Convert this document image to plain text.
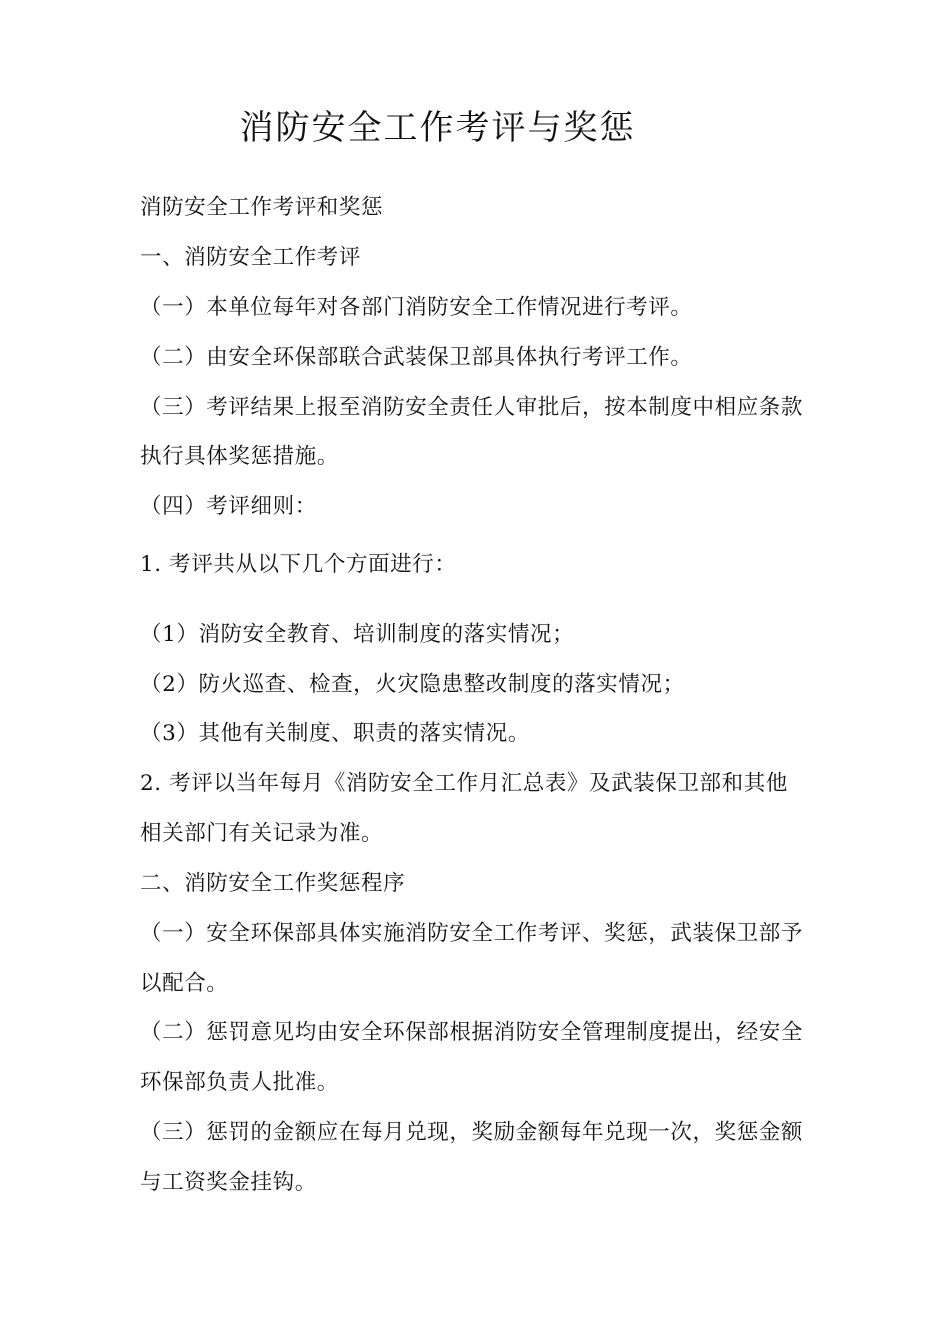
消防安全工作考评与奖惩
消防安全工作考评和奖惩
一、消防安全工作考评
（一）本单位每年对各部门消防安全工作情况进行考评。
（二）由安全环保部联合武装保卫部具体执行考评工作。
（三）考评结果上报至消防安全责任人审批后，按本制度中相应条款
执行具体奖惩措施。
（四）考评细则：
1. 考评共从以下几个方面进行：
（1）消防安全教育、培训制度的落实情况；
（2）防火巡查、检查，火灾隐患整改制度的落实情况；
（3）其他有关制度、职责的落实情况。
2. 考评以当年每月《消防安全工作月汇总表》及武装保卫部和其他
相关部门有关记录为准。
二、消防安全工作奖惩程序
（一）安全环保部具体实施消防安全工作考评、奖惩，武装保卫部予
以配合。
（二）惩罚意见均由安全环保部根据消防安全管理制度提出，经安全
环保部负责人批准。
（三）惩罚的金额应在每月兑现，奖励金额每年兑现一次，奖惩金额
与工资奖金挂钩。
